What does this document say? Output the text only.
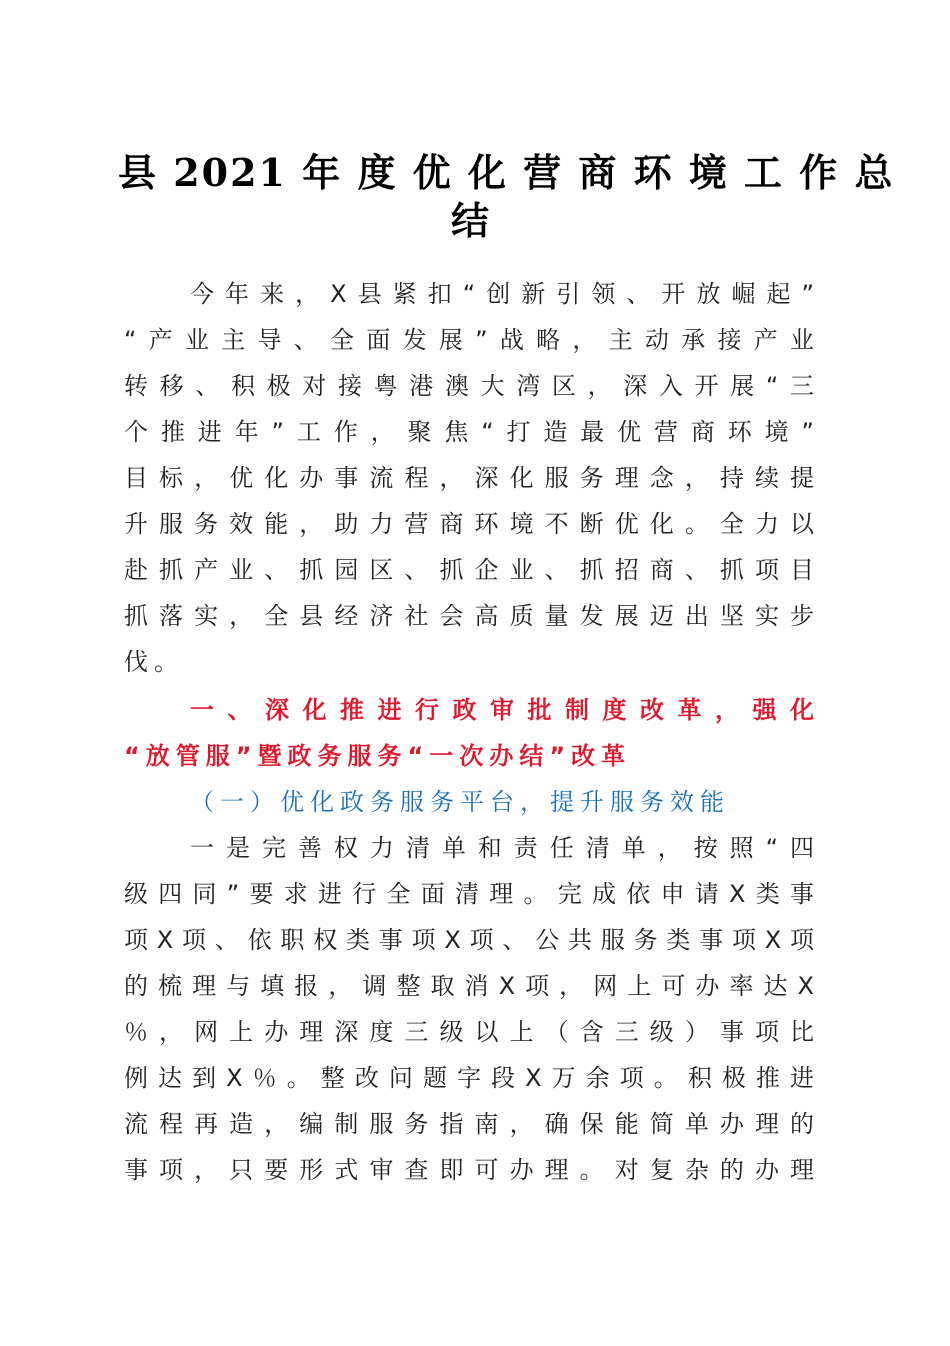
县 2021 年 度 优 化 营 商 环 境 工 作 总
结
今年来，X县紧扣“创新引领、开放崛起”
“产业主导、全面发展”战略，主动承接产业
转移、积极对接粤港澳大湾区，深入开展“三
个推进年”工作，聚焦“打造最优营商环境”
目标，优化办事流程，深化服务理念，持续提
升服务效能，助力营商环境不断优化。全力以
赴抓产业、抓园区、抓企业、抓招商、抓项目
抓落实，全县经济社会高质量发展迈出坚实步
伐。
一、深化推进行政审批制度改革，强化
“放管服”暨政务服务“一次办结”改革
（一）优化政务服务平台，提升服务效能
一是完善权力清单和责任清单，按照“四
级四同”要求进行全面清理。完成依申请X类事
项X项、依职权类事项X项、公共服务类事项X项
的梳理与填报，调整取消X项，网上可办率达X
％，网上办理深度三级以上（含三级）事项比
例达到X％。整改问题字段X万余项。积极推进
流程再造，编制服务指南，确保能简单办理的
事项，只要形式审查即可办理。对复杂的办理
